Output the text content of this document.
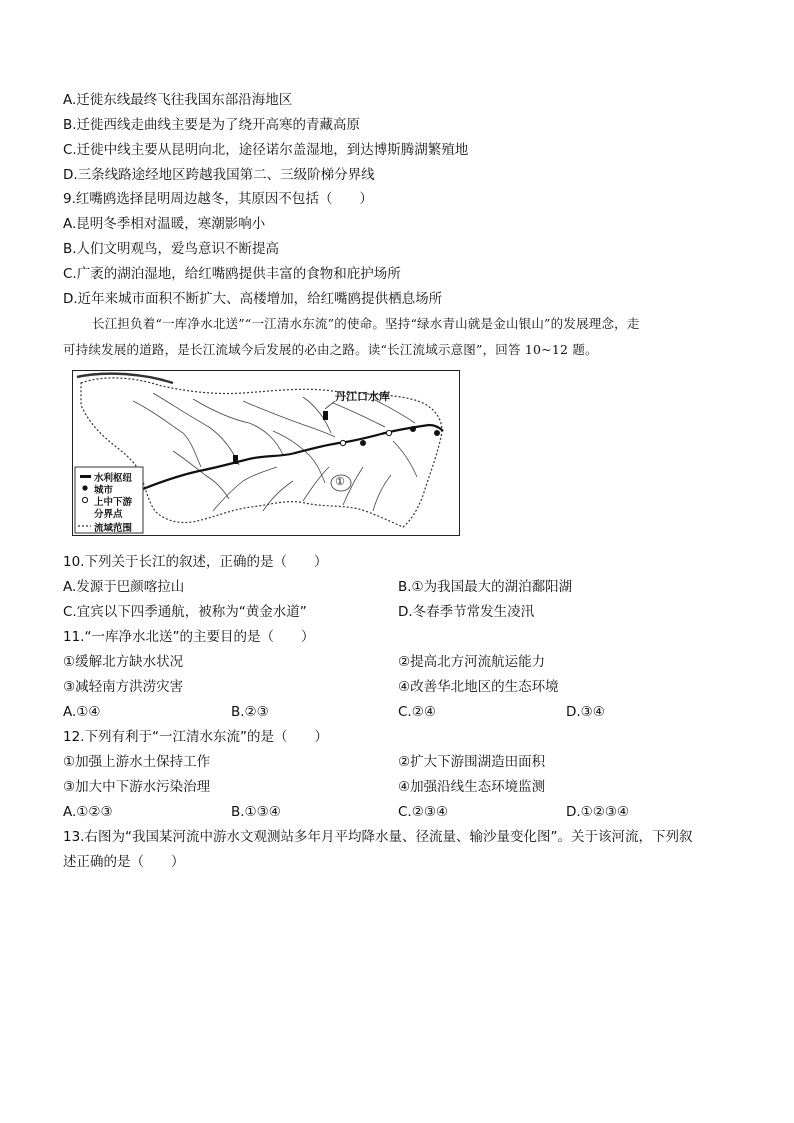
A.迁徙东线最终飞往我国东部沿海地区
B.迁徙西线走曲线主要是为了绕开高寒的青藏高原
C.迁徙中线主要从昆明向北，途径诺尔盖湿地，到达博斯腾湖繁殖地
D.三条线路途经地区跨越我国第二、三级阶梯分界线
9.红嘴鸥选择昆明周边越冬，其原因不包括（　　）
A.昆明冬季相对温暖，寒潮影响小
B.人们文明观鸟，爱鸟意识不断提高
C.广袤的湖泊湿地，给红嘴鸥提供丰富的食物和庇护场所
D.近年来城市面积不断扩大、高楼增加，给红嘴鸥提供栖息场所
长江担负着“一库净水北送”“一江清水东流”的使命。坚持“绿水青山就是金山银山”的发展理念，走
可持续发展的道路，是长江流域今后发展的必由之路。读“长江流域示意图”，回答 10~12 题。
丹江口水库
①
水利枢纽
城市
上中下游
分界点
流域范围
10.下列关于长江的叙述，正确的是（　　）
A.发源于巴颜喀拉山	B.①为我国最大的湖泊鄱阳湖
C.宜宾以下四季通航，被称为“黄金水道”	D.冬春季节常发生凌汛
11.“一库净水北送”的主要目的是（　　）
①缓解北方缺水状况	②提高北方河流航运能力
③减轻南方洪涝灾害	④改善华北地区的生态环境
A.①④	B.②③	C.②④	D.③④
12.下列有利于“一江清水东流”的是（　　）
①加强上游水土保持工作	②扩大下游围湖造田面积
③加大中下游水污染治理	④加强沿线生态环境监测
A.①②③	B.①③④	C.②③④	D.①②③④
13.右图为“我国某河流中游水文观测站多年月平均降水量、径流量、输沙量变化图”。关于该河流，下列叙
述正确的是（　　）
